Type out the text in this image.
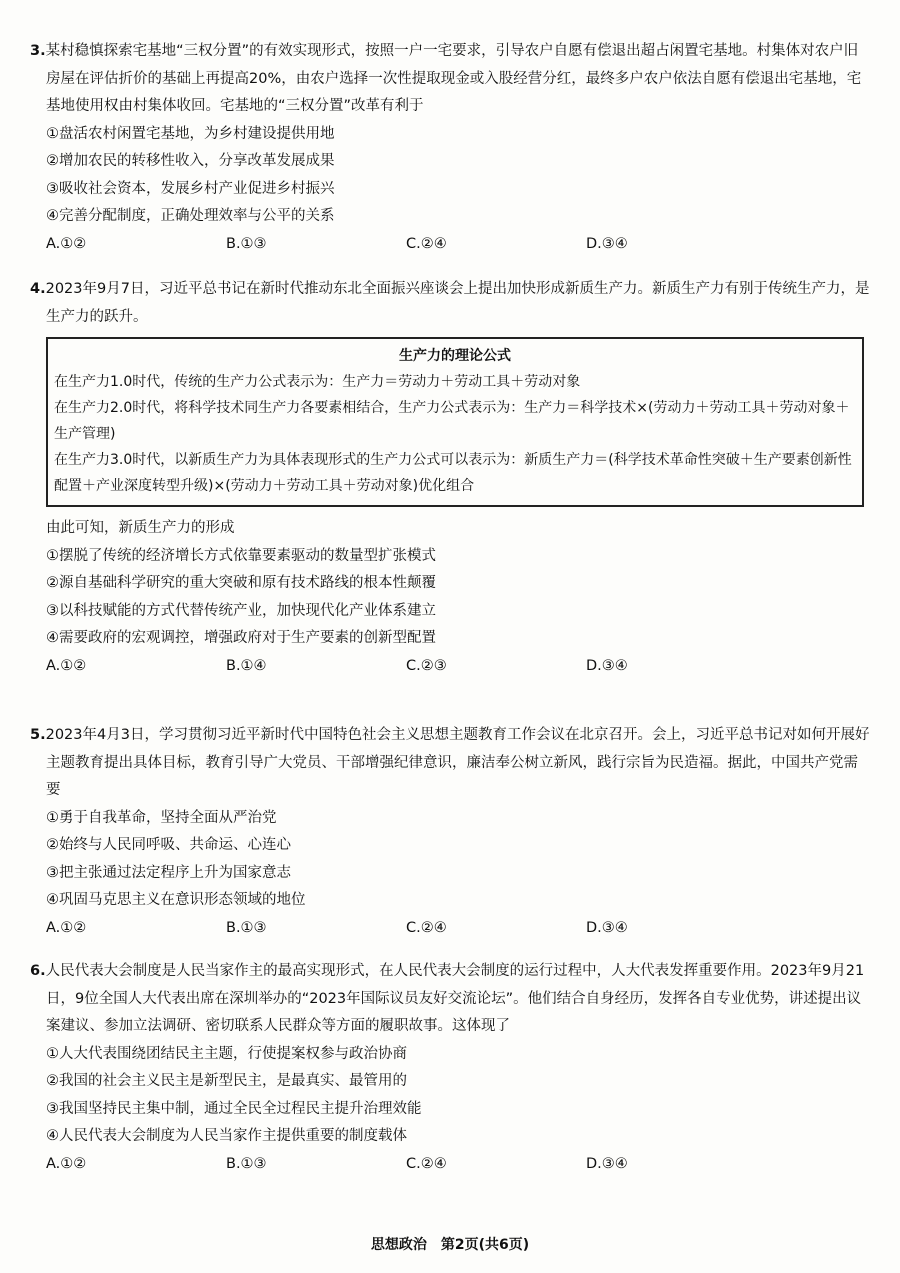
3.某村稳慎探索宅基地“三权分置”的有效实现形式，按照一户一宅要求，引导农户自愿有偿退出超占闲置宅基地。村集体对农户旧房屋在评估折价的基础上再提高20%，由农户选择一次性提取现金或入股经营分红，最终多户农户依法自愿有偿退出宅基地，宅基地使用权由村集体收回。宅基地的“三权分置”改革有利于
①盘活农村闲置宅基地，为乡村建设提供用地
②增加农民的转移性收入，分享改革发展成果
③吸收社会资本，发展乡村产业促进乡村振兴
④完善分配制度，正确处理效率与公平的关系
A.①②	B.①③	C.②④	D.③④
4.2023年9月7日，习近平总书记在新时代推动东北全面振兴座谈会上提出加快形成新质生产力。新质生产力有别于传统生产力，是生产力的跃升。
生产力的理论公式
在生产力1.0时代，传统的生产力公式表示为：生产力＝劳动力＋劳动工具＋劳动对象
在生产力2.0时代，将科学技术同生产力各要素相结合，生产力公式表示为：生产力＝科学技术×(劳动力＋劳动工具＋劳动对象＋生产管理)
在生产力3.0时代，以新质生产力为具体表现形式的生产力公式可以表示为：新质生产力＝(科学技术革命性突破＋生产要素创新性配置＋产业深度转型升级)×(劳动力＋劳动工具＋劳动对象)优化组合
由此可知，新质生产力的形成
①摆脱了传统的经济增长方式依靠要素驱动的数量型扩张模式
②源自基础科学研究的重大突破和原有技术路线的根本性颠覆
③以科技赋能的方式代替传统产业，加快现代化产业体系建立
④需要政府的宏观调控，增强政府对于生产要素的创新型配置
A.①②	B.①④	C.②③	D.③④
5.2023年4月3日，学习贯彻习近平新时代中国特色社会主义思想主题教育工作会议在北京召开。会上，习近平总书记对如何开展好主题教育提出具体目标，教育引导广大党员、干部增强纪律意识，廉洁奉公树立新风，践行宗旨为民造福。据此，中国共产党需要
①勇于自我革命，坚持全面从严治党
②始终与人民同呼吸、共命运、心连心
③把主张通过法定程序上升为国家意志
④巩固马克思主义在意识形态领域的地位
A.①②	B.①③	C.②④	D.③④
6.人民代表大会制度是人民当家作主的最高实现形式，在人民代表大会制度的运行过程中，人大代表发挥重要作用。2023年9月21日，9位全国人大代表出席在深圳举办的“2023年国际议员友好交流论坛”。他们结合自身经历，发挥各自专业优势，讲述提出议案建议、参加立法调研、密切联系人民群众等方面的履职故事。这体现了
①人大代表围绕团结民主主题，行使提案权参与政治协商
②我国的社会主义民主是新型民主，是最真实、最管用的
③我国坚持民主集中制，通过全民全过程民主提升治理效能
④人民代表大会制度为人民当家作主提供重要的制度载体
A.①②	B.①③	C.②④	D.③④
思想政治　第2页(共6页)
